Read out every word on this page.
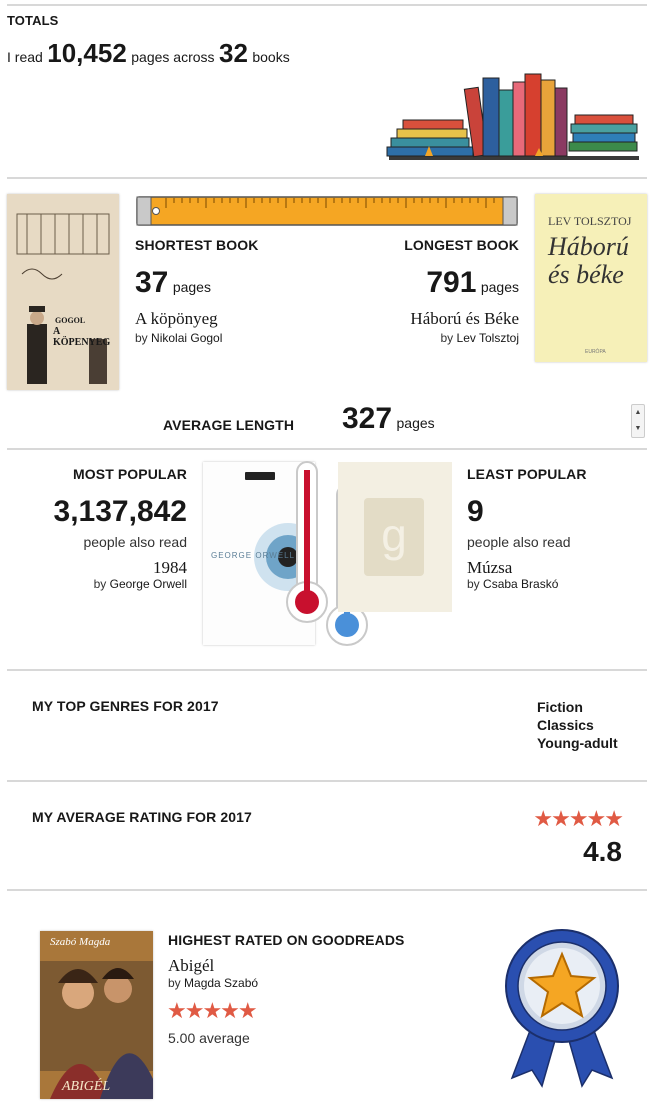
TOTALS
I read 10,452 pages across 32 books
GOGOL
A KÖPENYEG
SHORTEST BOOK
37 pages
A köpönyeg
by Nikolai Gogol
LONGEST BOOK
791 pages
Háború és Béke
by Lev Tolsztoj
LEV TOLSZTOJ
Háború
és béke
EURÓPA
AVERAGE LENGTH 327 pages
▲
▼
MOST POPULAR
3,137,842
people also read
1984
by George Orwell
GEORGE ORWELL	g
LEAST POPULAR
9
people also read
Múzsa
by Csaba Braskó
MY TOP GENRES FOR 2017	Fiction
Classics
Young-adult
MY AVERAGE RATING FOR 2017	★★★★★
4.8
Szabó Magda
ABIGÉL
HIGHEST RATED ON GOODREADS
Abigél
by Magda Szabó
★★★★★
5.00 average
